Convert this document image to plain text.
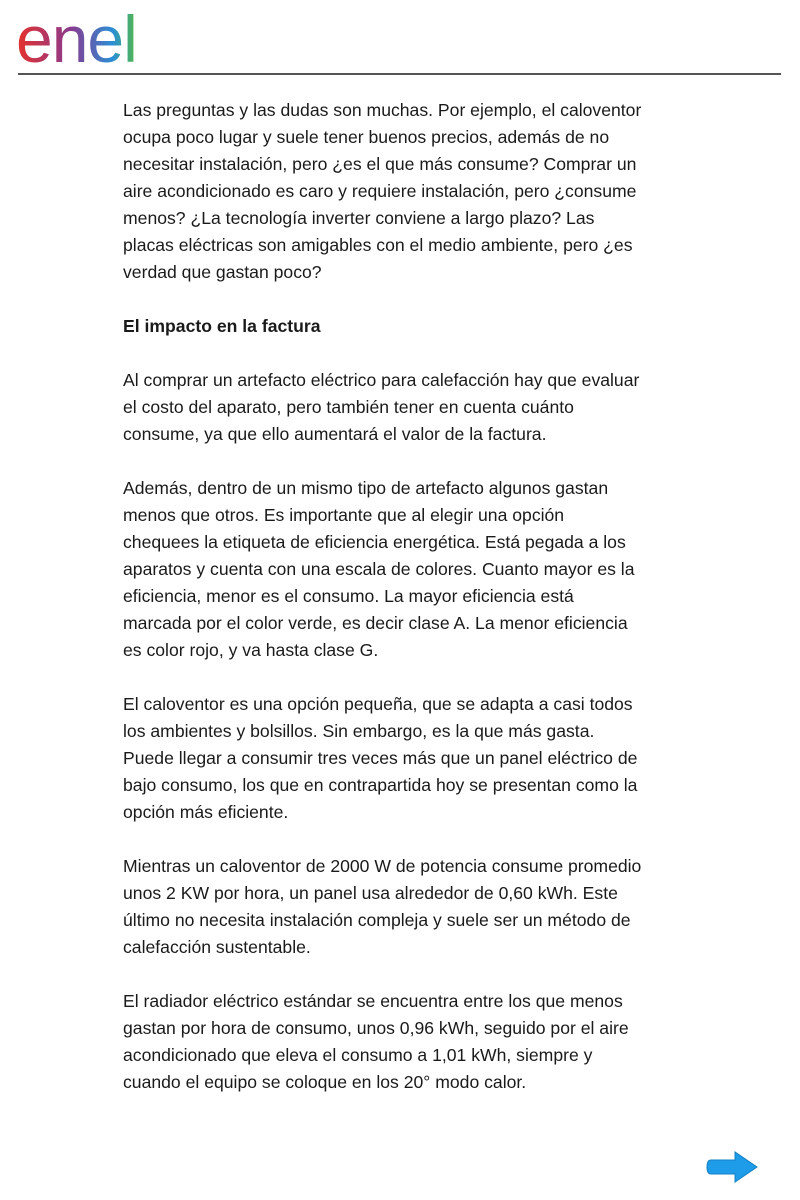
enel

Las preguntas y las dudas son muchas. Por ejemplo, el caloventor ocupa poco lugar y suele tener buenos precios, además de no necesitar instalación, pero ¿es el que más consume? Comprar un aire acondicionado es caro y requiere instalación, pero ¿consume menos? ¿La tecnología inverter conviene a largo plazo? Las placas eléctricas son amigables con el medio ambiente, pero ¿es verdad que gastan poco?

El impacto en la factura

Al comprar un artefacto eléctrico para calefacción hay que evaluar el costo del aparato, pero también tener en cuenta cuánto consume, ya que ello aumentará el valor de la factura.

Además, dentro de un mismo tipo de artefacto algunos gastan menos que otros. Es importante que al elegir una opción chequees la etiqueta de eficiencia energética. Está pegada a los aparatos y cuenta con una escala de colores. Cuanto mayor es la eficiencia, menor es el consumo. La mayor eficiencia está marcada por el color verde, es decir clase A. La menor eficiencia es color rojo, y va hasta clase G.

El caloventor es una opción pequeña, que se adapta a casi todos los ambientes y bolsillos. Sin embargo, es la que más gasta. Puede llegar a consumir tres veces más que un panel eléctrico de bajo consumo, los que en contrapartida hoy se presentan como la opción más eficiente.

Mientras un caloventor de 2000 W de potencia consume promedio unos 2 KW por hora, un panel usa alrededor de 0,60 kWh. Este último no necesita instalación compleja y suele ser un método de calefacción sustentable.

El radiador eléctrico estándar se encuentra entre los que menos gastan por hora de consumo, unos 0,96 kWh, seguido por el aire acondicionado que eleva el consumo a 1,01 kWh, siempre y cuando el equipo se coloque en los 20° modo calor.
